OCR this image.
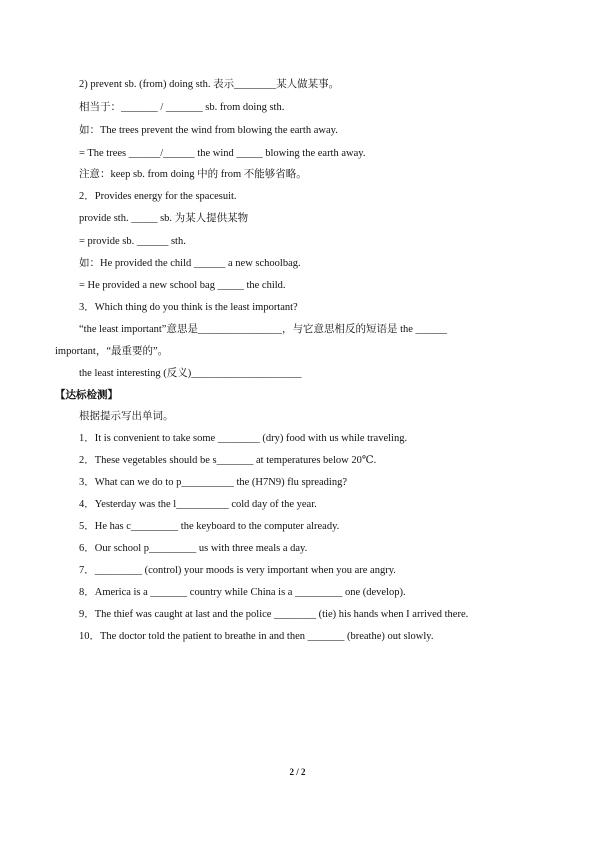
2) prevent sb. (from) doing sth. 表示________某人做某事。
相当于：_______ / _______ sb. from doing sth.
如：The trees prevent the wind from blowing the earth away.
= The trees ______/______ the wind _____ blowing the earth away.
注意：keep sb. from doing 中的 from 不能够省略。
2．Provides energy for the spacesuit.
provide sth. _____ sb. 为某人提供某物
= provide sb. ______ sth.
如：He provided the child ______ a new schoolbag.
= He provided a new school bag _____ the child.
3．Which thing do you think is the least important?
“the least important”意思是________________，与它意思相反的短语是 the ______
important，“最重要的”。
the least interesting (反义)_____________________
【达标检测】
根据提示写出单词。
1．It is convenient to take some ________ (dry) food with us while traveling.
2．These vegetables should be s_______ at temperatures below 20℃.
3．What can we do to p__________ the (H7N9) flu spreading?
4．Yesterday was the l__________ cold day of the year.
5．He has c_________ the keyboard to the computer already.
6．Our school p_________ us with three meals a day.
7．_________ (control) your moods is very important when you are angry.
8．America is a _______ country while China is a _________ one (develop).
9．The thief was caught at last and the police ________ (tie) his hands when I arrived there.
10．The doctor told the patient to breathe in and then _______ (breathe) out slowly.
2 / 2
